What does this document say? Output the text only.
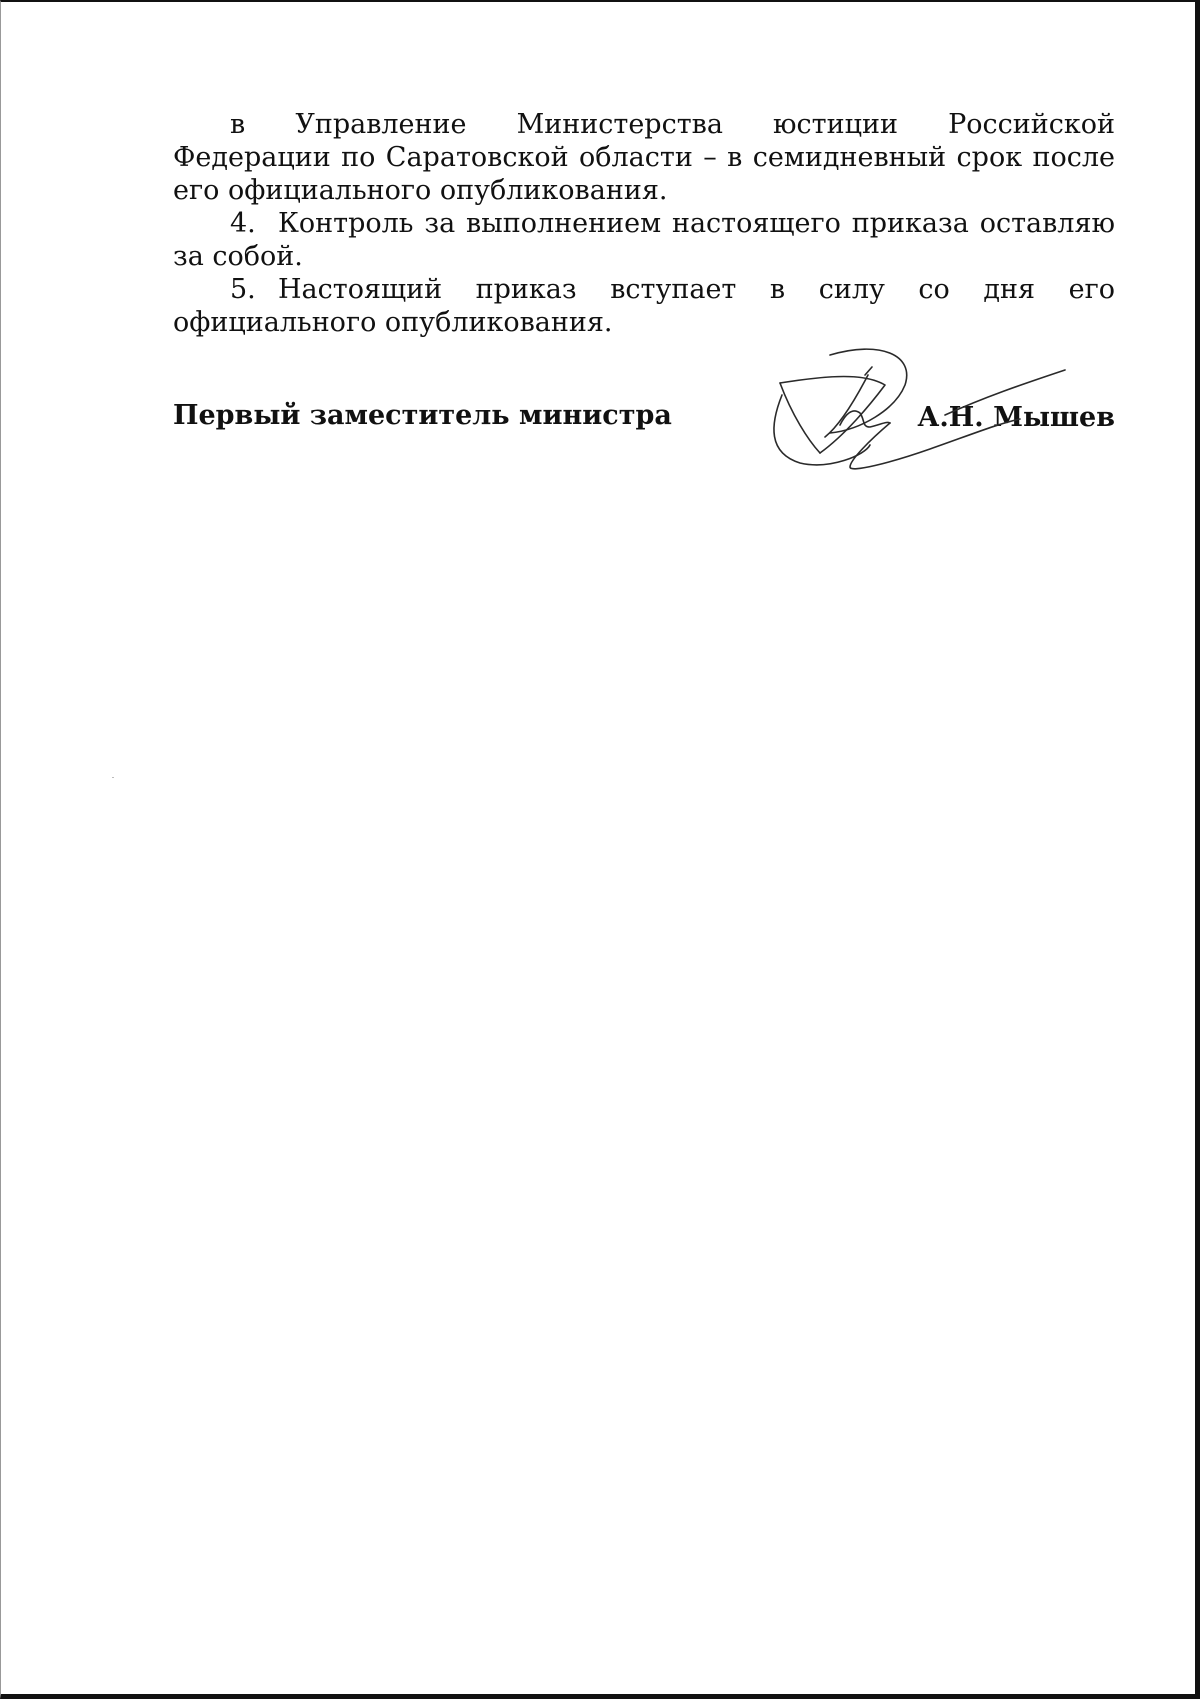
в Управление Министерства юстиции Российской Федерации по Саратовской области – в семидневный срок после его официального опубликования.

4. Контроль за выполнением настоящего приказа оставляю за собой.

5. Настоящий приказ вступает в силу со дня его официального опубликования.

Первый заместитель министра	А.Н. Мышев
